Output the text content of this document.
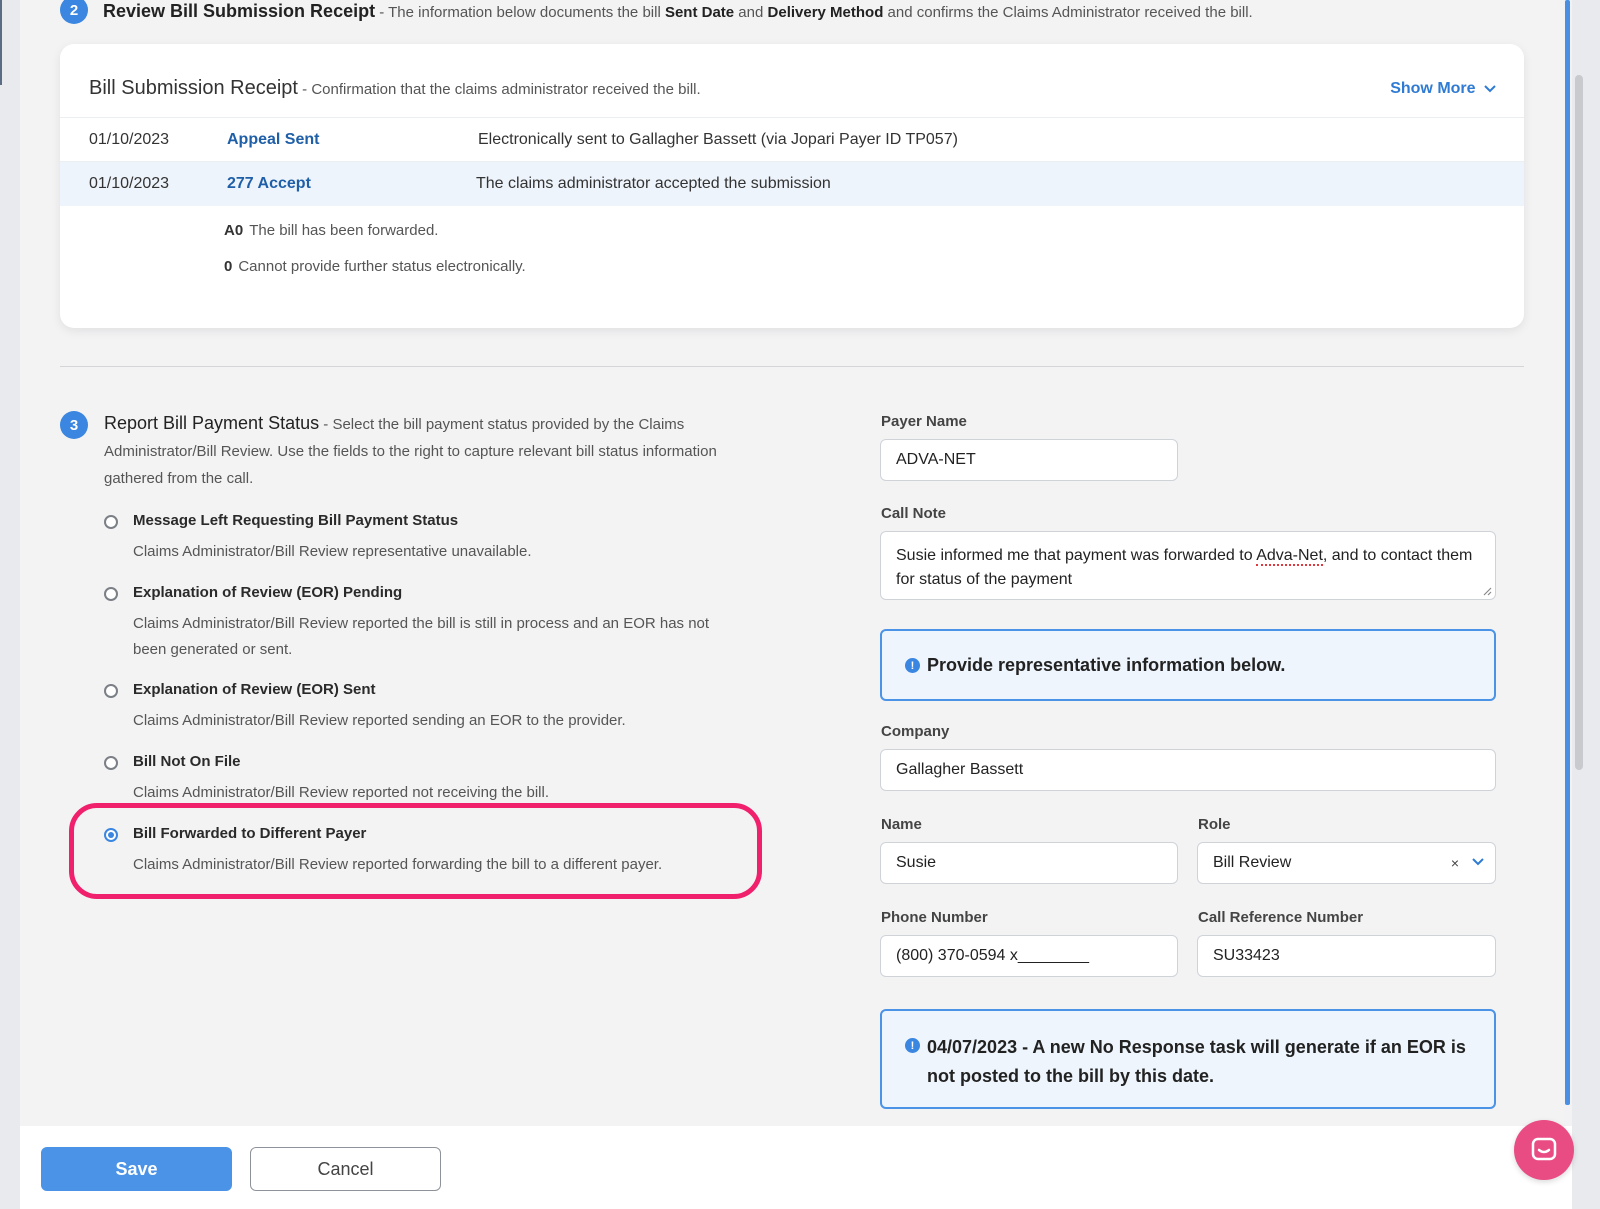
2	Review Bill Submission Receipt - The information below documents the bill Sent Date and Delivery Method and confirms the Claims Administrator received the bill.
Bill Submission Receipt - Confirmation that the claims administrator received the bill.	Show More
01/10/2023	Appeal Sent	Electronically sent to Gallagher Bassett (via Jopari Payer ID TP057)
01/10/2023	277 Accept	The claims administrator accepted the submission
A0 The bill has been forwarded.
0 Cannot provide further status electronically.
3	Report Bill Payment Status - Select the bill payment status provided by the Claims Administrator/Bill Review. Use the fields to the right to capture relevant bill status information gathered from the call.
Message Left Requesting Bill Payment Status
Claims Administrator/Bill Review representative unavailable.
Explanation of Review (EOR) Pending
Claims Administrator/Bill Review reported the bill is still in process and an EOR has not been generated or sent.
Explanation of Review (EOR) Sent
Claims Administrator/Bill Review reported sending an EOR to the provider.
Bill Not On File
Claims Administrator/Bill Review reported not receiving the bill.
Bill Forwarded to Different Payer
Claims Administrator/Bill Review reported forwarding the bill to a different payer.
Payer Name
ADVA-NET
Call Note
Susie informed me that payment was forwarded to Adva-Net, and to contact them for status of the payment
! Provide representative information below.
Company
Gallagher Bassett
Name
Susie
Role
Bill Review	×
Phone Number
(800) 370-0594 x________
Call Reference Number
SU33423
! 04/07/2023 - A new No Response task will generate if an EOR is not posted to the bill by this date.
Save	Cancel
